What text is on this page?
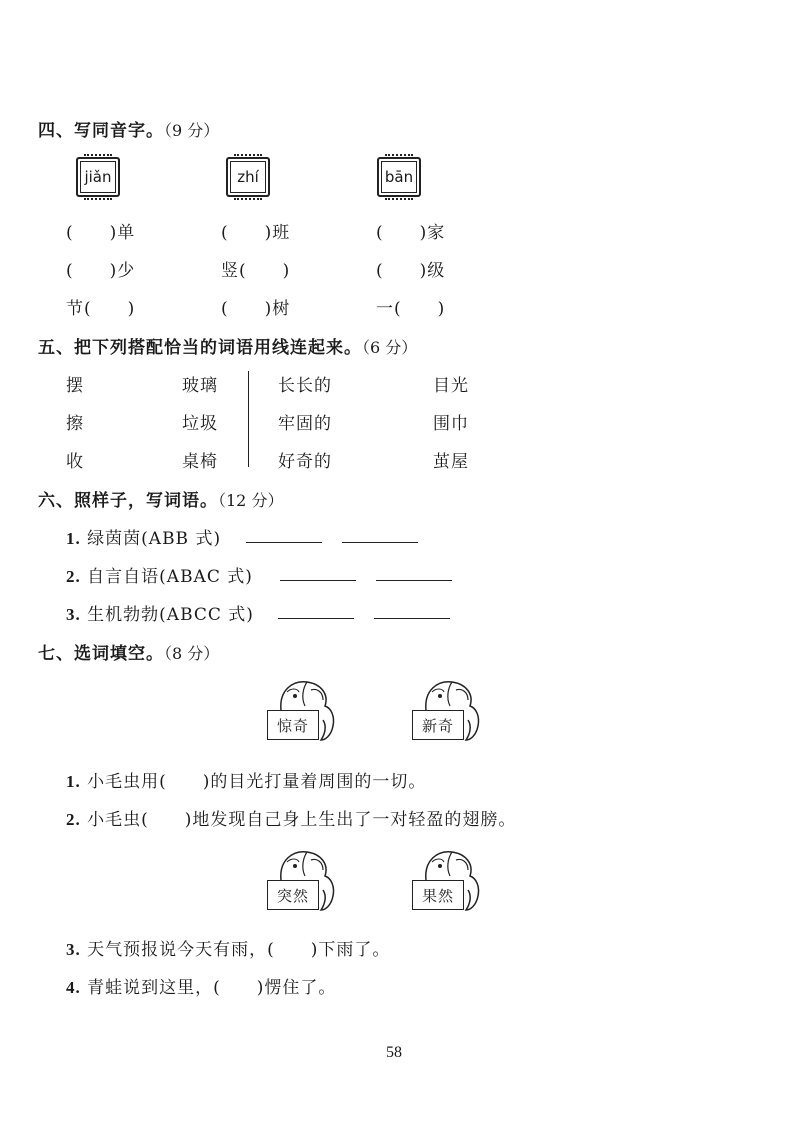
四、写同音字。（9 分）
jiǎn	zhí	bān
(　　)单	(　　)班	(　　)家
(　　)少	竖(　　)	(　　)级
节(　　)	(　　)树	一(　　)
五、把下列搭配恰当的词语用线连起来。（6 分）
摆	玻璃
擦	垃圾
收	桌椅
长长的	目光
牢固的	围巾
好奇的	茧屋
六、照样子，写词语。（12 分）
1. 绿茵茵(ABB 式)
2. 自言自语(ABAC 式)
3. 生机勃勃(ABCC 式)
七、选词填空。（8 分）
惊奇	新奇
1. 小毛虫用(　　)的目光打量着周围的一切。
2. 小毛虫(　　)地发现自己身上生出了一对轻盈的翅膀。
突然	果然
3. 天气预报说今天有雨，(　　)下雨了。
4. 青蛙说到这里，(　　)愣住了。
58
